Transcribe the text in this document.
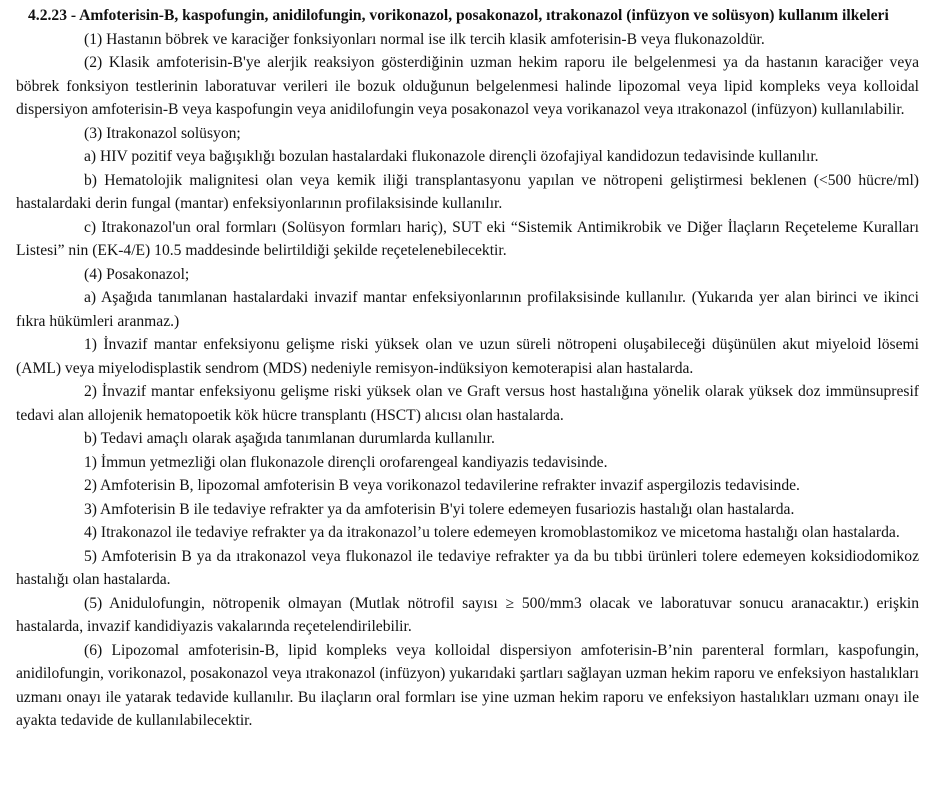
4.2.23 - Amfoterisin-B, kaspofungin, anidilofungin, vorikonazol, posakonazol, ıtrakonazol (infüzyon ve solüsyon) kullanım ilkeleri

(1) Hastanın böbrek ve karaciğer fonksiyonları normal ise ilk tercih klasik amfoterisin-B veya flukonazoldür.

(2) Klasik amfoterisin-B'ye alerjik reaksiyon gösterdiğinin uzman hekim raporu ile belgelenmesi ya da hastanın karaciğer veya böbrek fonksiyon testlerinin laboratuvar verileri ile bozuk olduğunun belgelenmesi halinde lipozomal veya lipid kompleks veya kolloidal dispersiyon amfoterisin-B veya kaspofungin veya anidilofungin veya posakonazol veya vorikanazol veya ıtrakonazol (infüzyon) kullanılabilir.

(3) Itrakonazol solüsyon;

a) HIV pozitif veya bağışıklığı bozulan hastalardaki flukonazole dirençli özofajiyal kandidozun tedavisinde kullanılır.

b) Hematolojik malignitesi olan veya kemik iliği transplantasyonu yapılan ve nötropeni geliştirmesi beklenen (<500 hücre/ml) hastalardaki derin fungal (mantar) enfeksiyonlarının profilaksisinde kullanılır.

c) Itrakonazol'un oral formları (Solüsyon formları hariç), SUT eki “Sistemik Antimikrobik ve Diğer İlaçların Reçeteleme Kuralları Listesi” nin (EK-4/E) 10.5 maddesinde belirtildiği şekilde reçetelenebilecektir.

(4) Posakonazol;

a) Aşağıda tanımlanan hastalardaki invazif mantar enfeksiyonlarının profilaksisinde kullanılır. (Yukarıda yer alan birinci ve ikinci fıkra hükümleri aranmaz.)

1) İnvazif mantar enfeksiyonu gelişme riski yüksek olan ve uzun süreli nötropeni oluşabileceği düşünülen akut miyeloid lösemi (AML) veya miyelodisplastik sendrom (MDS) nedeniyle remisyon-indüksiyon kemoterapisi alan hastalarda.

2) İnvazif mantar enfeksiyonu gelişme riski yüksek olan ve Graft versus host hastalığına yönelik olarak yüksek doz immünsupresif tedavi alan allojenik hematopoetik kök hücre transplantı (HSCT) alıcısı olan hastalarda.

b) Tedavi amaçlı olarak aşağıda tanımlanan durumlarda kullanılır.

1) İmmun yetmezliği olan flukonazole dirençli orofarengeal kandiyazis tedavisinde.

2) Amfoterisin B, lipozomal amfoterisin B veya vorikonazol tedavilerine refrakter invazif aspergilozis tedavisinde.

3) Amfoterisin B ile tedaviye refrakter ya da amfoterisin B'yi tolere edemeyen fusariozis hastalığı olan hastalarda.

4) Itrakonazol ile tedaviye refrakter ya da itrakonazol’u tolere edemeyen kromoblastomikoz ve micetoma hastalığı olan hastalarda.

5) Amfoterisin B ya da ıtrakonazol veya flukonazol ile tedaviye refrakter ya da bu tıbbi ürünleri tolere edemeyen koksidiodomikoz hastalığı olan hastalarda.

(5) Anidulofungin, nötropenik olmayan (Mutlak nötrofil sayısı ≥ 500/mm3 olacak ve laboratuvar sonucu aranacaktır.) erişkin hastalarda, invazif kandidiyazis vakalarında reçetelendirilebilir.

(6) Lipozomal amfoterisin-B, lipid kompleks veya kolloidal dispersiyon amfoterisin-B’nin parenteral formları, kaspofungin, anidilofungin, vorikonazol, posakonazol veya ıtrakonazol (infüzyon) yukarıdaki şartları sağlayan uzman hekim raporu ve enfeksiyon hastalıkları uzmanı onayı ile yatarak tedavide kullanılır. Bu ilaçların oral formları ise yine uzman hekim raporu ve enfeksiyon hastalıkları uzmanı onayı ile ayakta tedavide de kullanılabilecektir.
